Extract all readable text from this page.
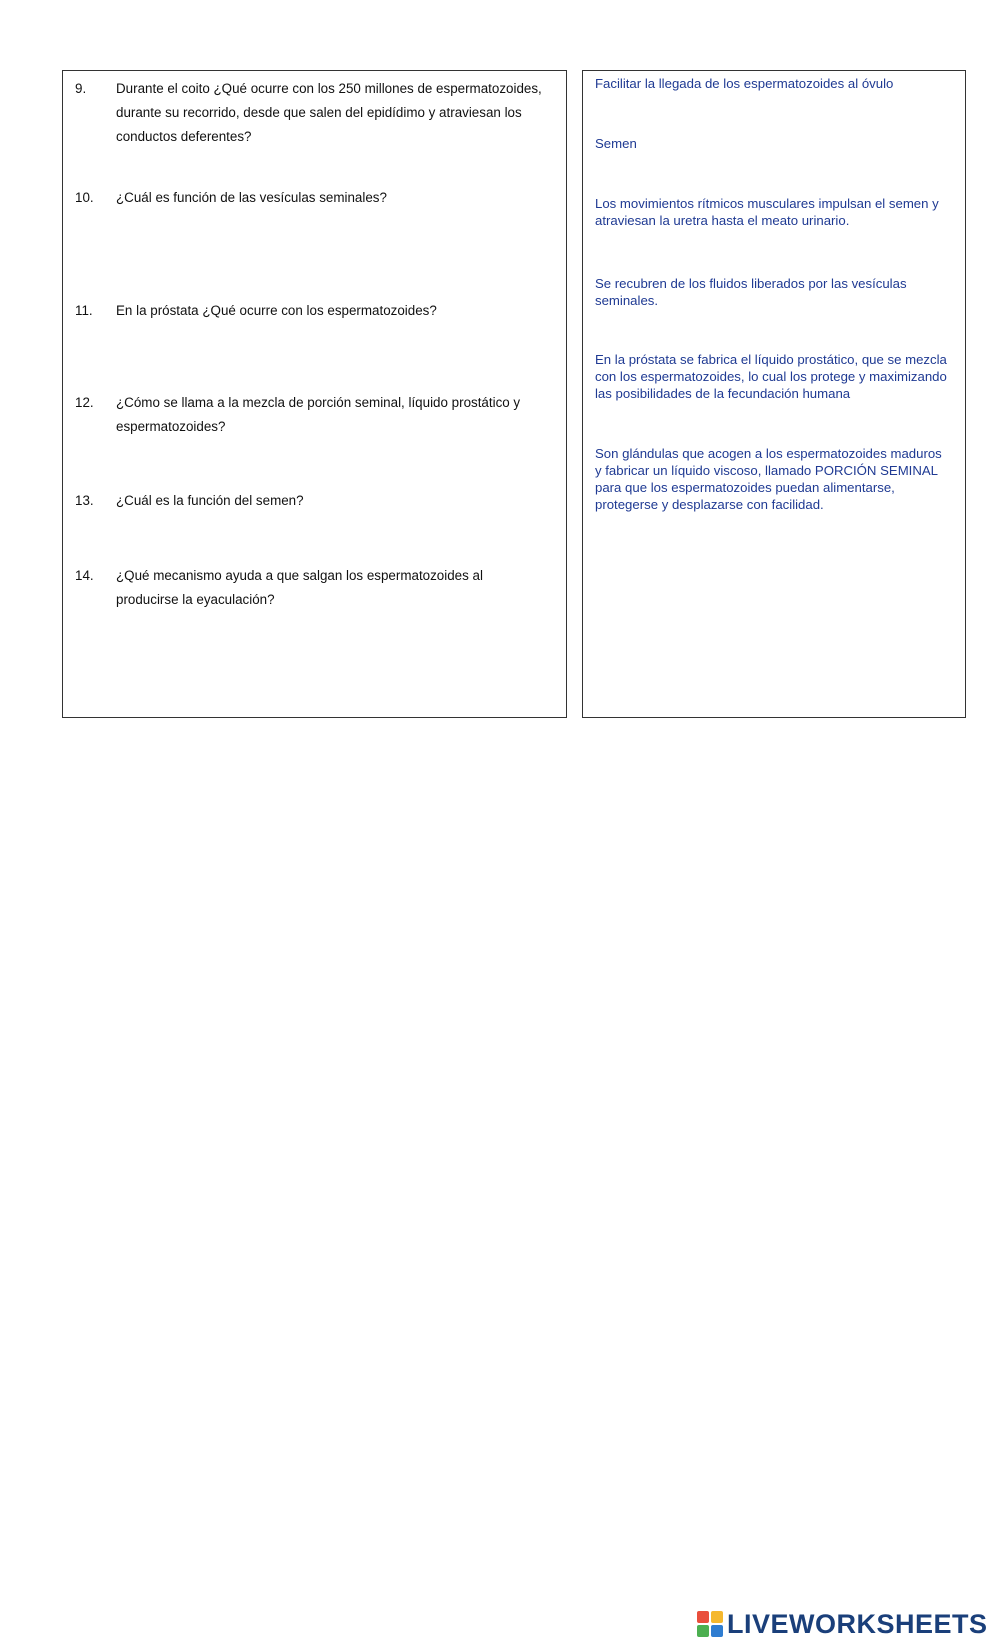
9.	Durante el coito ¿Qué ocurre con los 250 millones de espermatozoides, durante su recorrido, desde que salen del epidídimo y atraviesan los conductos deferentes?
10.	¿Cuál es función de las vesículas seminales?
11.	En la próstata ¿Qué ocurre con los espermatozoides?
12.	¿Cómo se llama a la mezcla de porción seminal, líquido prostático y espermatozoides?
13.	¿Cuál es la función del semen?
14.	¿Qué mecanismo ayuda a que salgan los espermatozoides al producirse la eyaculación?
Facilitar la llegada de los espermatozoides al óvulo
Semen
Los movimientos rítmicos musculares impulsan el semen y atraviesan la uretra hasta el meato urinario.
Se recubren de los fluidos liberados por las vesículas seminales.
En la próstata se fabrica el líquido prostático, que se mezcla con los espermatozoides, lo cual los protege y maximizando las posibilidades de la fecundación humana
Son glándulas que acogen a los espermatozoides maduros y fabricar un líquido viscoso, llamado PORCIÓN SEMINAL para que los espermatozoides puedan alimentarse, protegerse y desplazarse con facilidad.
LIVEWORKSHEETS
